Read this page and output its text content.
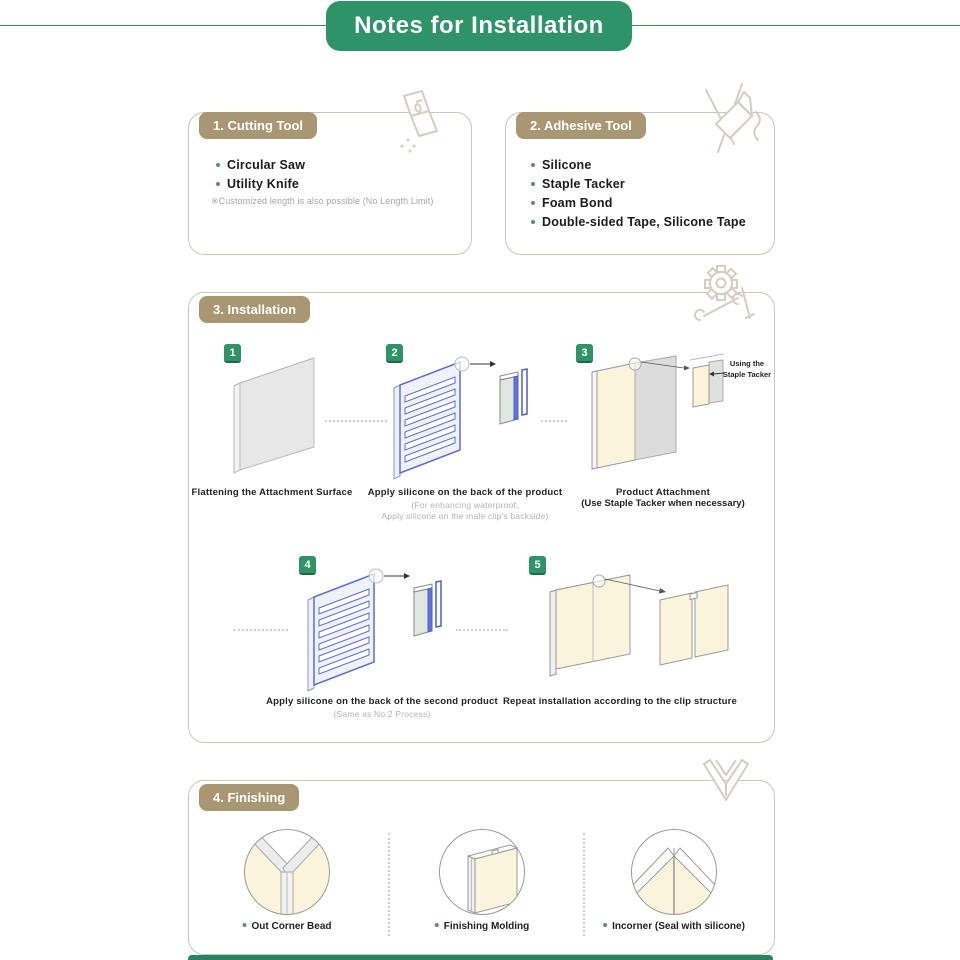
Notes for Installation
1. Cutting Tool
Circular Saw
Utility Knife
※Customized length is also possible (No Length Limit)
2. Adhesive Tool
Silicone
Staple Tacker
Foam Bond
Double-sided Tape, Silicone Tape
3. Installation
1
Flattening the Attachment Surface
2
Apply silicone on the back of the product
(For enhancing waterproof,
Apply silicone on the male clip's backside)
3
Using the Staple Tacker
Product Attachment
(Use Staple Tacker when necessary)
4
Apply silicone on the back of the second product
(Same as No.2 Process)
5
Repeat installation according to the clip structure
4. Finishing
Out Corner Bead	Finishing Molding	Incorner (Seal with silicone)
